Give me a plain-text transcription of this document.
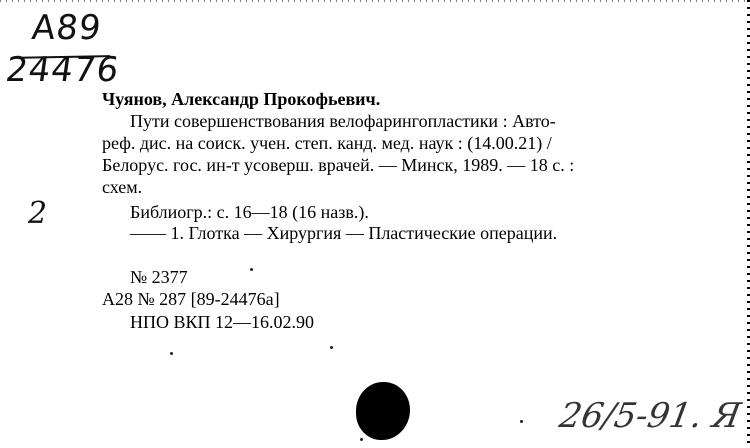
A89
24476
2
Чуянов, Александр Прокофьевич.
Пути совершенствования велофарингопластики : Авто-
реф. дис. на соиск. учен. степ. канд. мед. наук : (14.00.21) /
Белорус. гос. ин-т усоверш. врачей. — Минск, 1989. — 18 с. :
схем.
Библиогр.: с. 16—18 (16 назв.).
—— 1. Глотка — Хирургия — Пластические операции.
№ 2377
А28 № 287 [89-24476а]
НПО ВКП 12—16.02.90
26/5-91. Я
